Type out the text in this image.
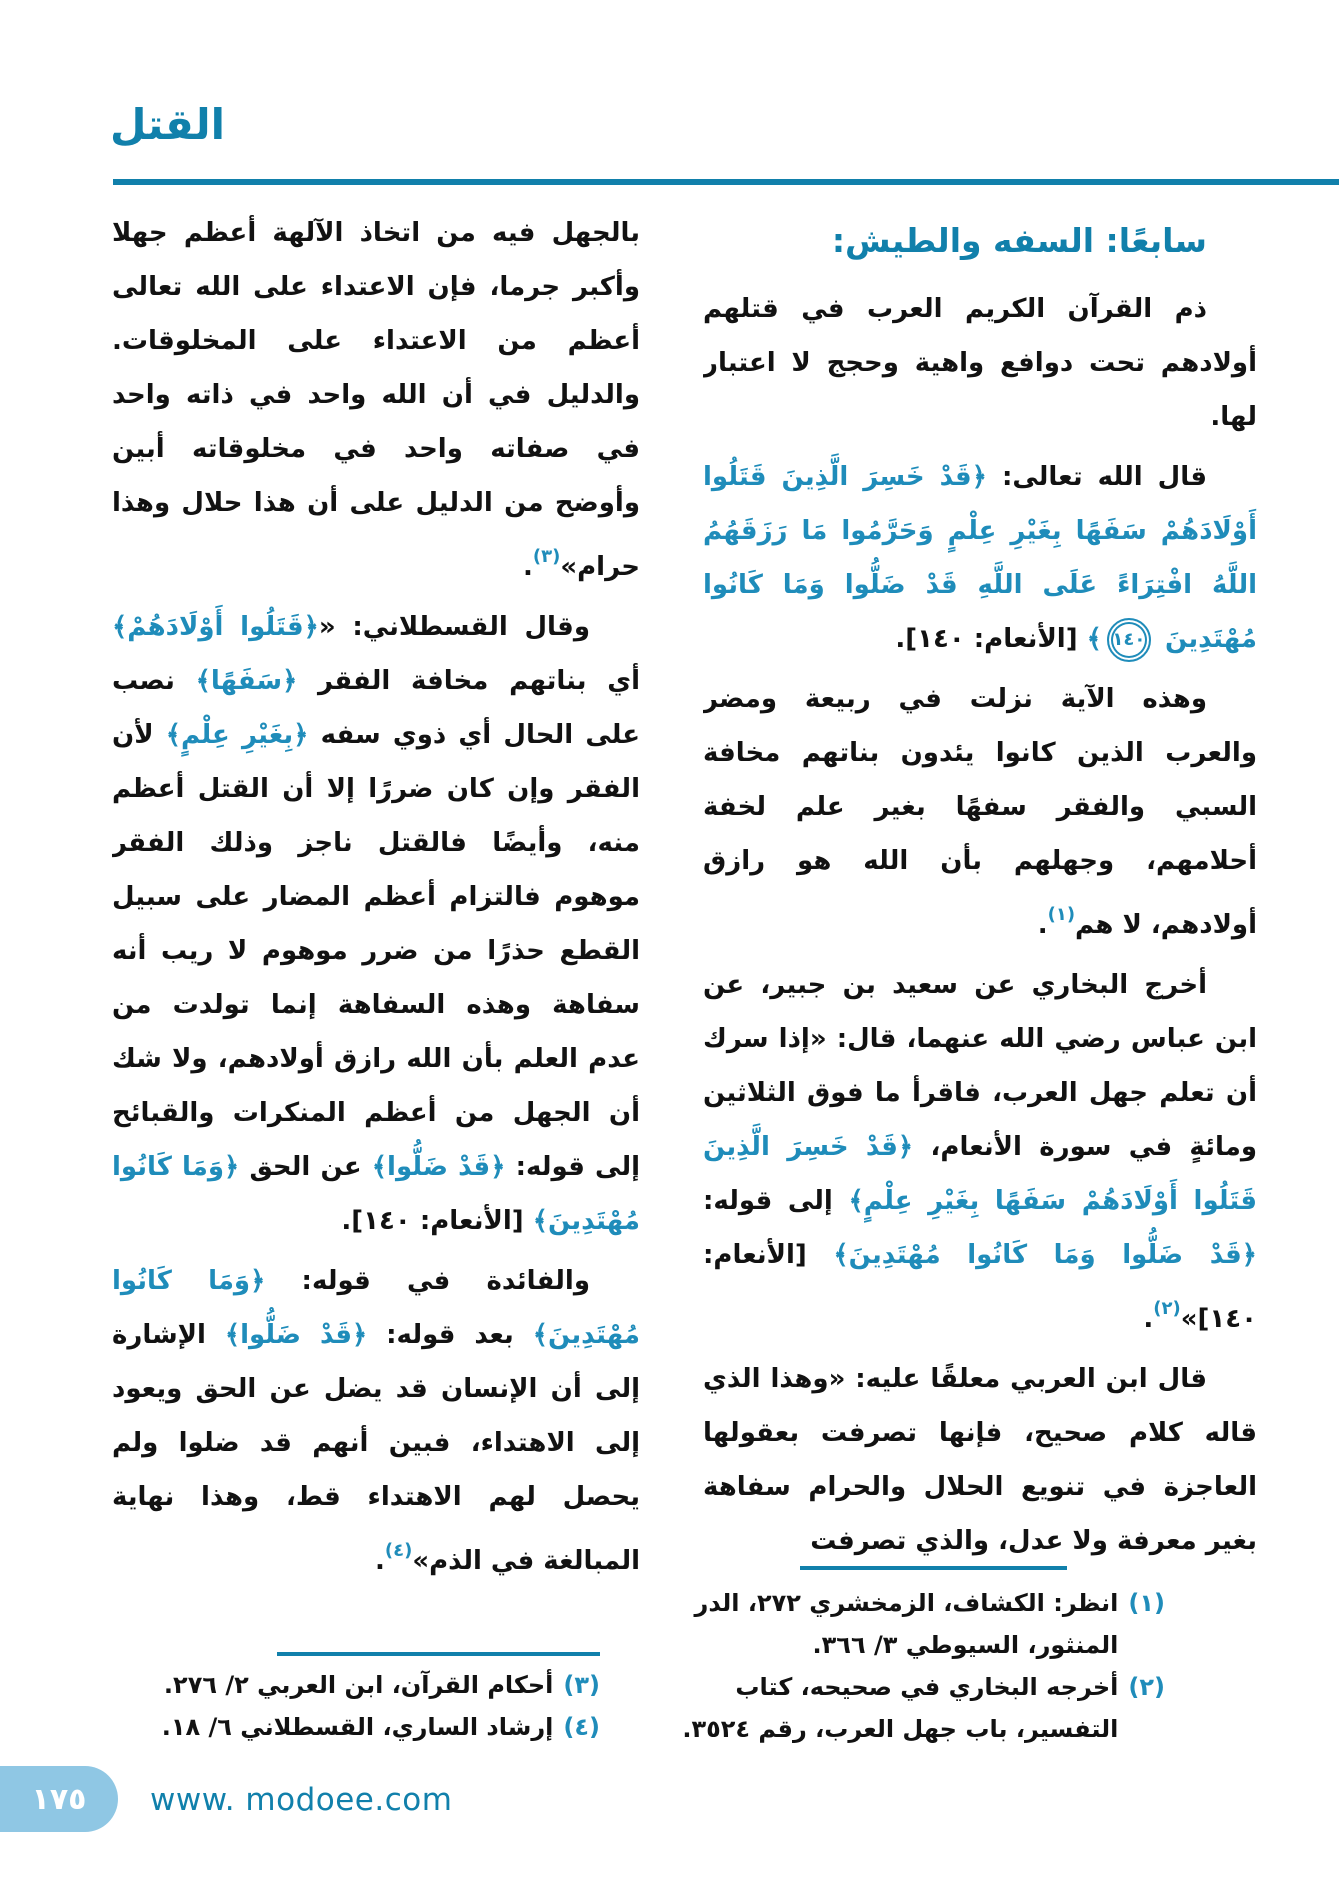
القتل
سابعًا: السفه والطيش:

ذم القرآن الكريم العرب في قتلهم أولادهم تحت دوافع واهية وحجج لا اعتبار لها.

قال الله تعالى: ﴿قَدْ خَسِرَ الَّذِينَ قَتَلُوا أَوْلَادَهُمْ سَفَهًا بِغَيْرِ عِلْمٍ وَحَرَّمُوا مَا رَزَقَهُمُ اللَّهُ افْتِرَاءً عَلَى اللَّهِ قَدْ ضَلُّوا وَمَا كَانُوا مُهْتَدِينَ ١٤٠﴾ [الأنعام: ١٤٠].

وهذه الآية نزلت في ربيعة ومضر والعرب الذين كانوا يئدون بناتهم مخافة السبي والفقر سفهًا بغير علم لخفة أحلامهم، وجهلهم بأن الله هو رازق أولادهم، لا هم$^{(١)}$.

أخرج البخاري عن سعيد بن جبير، عن ابن عباس رضي الله عنهما، قال: «إذا سرك أن تعلم جهل العرب، فاقرأ ما فوق الثلاثين ومائةٍ في سورة الأنعام، ﴿قَدْ خَسِرَ الَّذِينَ قَتَلُوا أَوْلَادَهُمْ سَفَهًا بِغَيْرِ عِلْمٍ﴾ إلى قوله: ﴿قَدْ ضَلُّوا وَمَا كَانُوا مُهْتَدِينَ﴾ [الأنعام: ١٤٠]»$^{(٢)}$.

قال ابن العربي معلقًا عليه: «وهذا الذي قاله كلام صحيح، فإنها تصرفت بعقولها العاجزة في تنويع الحلال والحرام سفاهة بغير معرفة ولا عدل، والذي تصرفت

بالجهل فيه من اتخاذ الآلهة أعظم جهلا وأكبر جرما، فإن الاعتداء على الله تعالى أعظم من الاعتداء على المخلوقات. والدليل في أن الله واحد في ذاته واحد في صفاته واحد في مخلوقاته أبين وأوضح من الدليل على أن هذا حلال وهذا حرام»$^{(٣)}$.

وقال القسطلاني: «﴿قَتَلُوا أَوْلَادَهُمْ﴾ أي بناتهم مخافة الفقر ﴿سَفَهًا﴾ نصب على الحال أي ذوي سفه ﴿بِغَيْرِ عِلْمٍ﴾ لأن الفقر وإن كان ضررًا إلا أن القتل أعظم منه، وأيضًا فالقتل ناجز وذلك الفقر موهوم فالتزام أعظم المضار على سبيل القطع حذرًا من ضرر موهوم لا ريب أنه سفاهة وهذه السفاهة إنما تولدت من عدم العلم بأن الله رازق أولادهم، ولا شك أن الجهل من أعظم المنكرات والقبائح إلى قوله: ﴿قَدْ ضَلُّوا﴾ عن الحق ﴿وَمَا كَانُوا مُهْتَدِينَ﴾ [الأنعام: ١٤٠].

والفائدة في قوله: ﴿وَمَا كَانُوا مُهْتَدِينَ﴾ بعد قوله: ﴿قَدْ ضَلُّوا﴾ الإشارة إلى أن الإنسان قد يضل عن الحق ويعود إلى الاهتداء، فبين أنهم قد ضلوا ولم يحصل لهم الاهتداء قط، وهذا نهاية المبالغة في الذم»$^{(٤)}$.

(١)
انظر: الكشاف، الزمخشري ٢٧٢، الدر المنثور، السيوطي ٣/ ٣٦٦.
(٢)
أخرجه البخاري في صحيحه، كتاب التفسير، باب جهل العرب، رقم ٣٥٢٤.
(٣)
أحكام القرآن، ابن العربي ٢/ ٢٧٦.
(٤)
إرشاد الساري، القسطلاني ٦/ ١٨.
١٧٥ www. modoee.com
